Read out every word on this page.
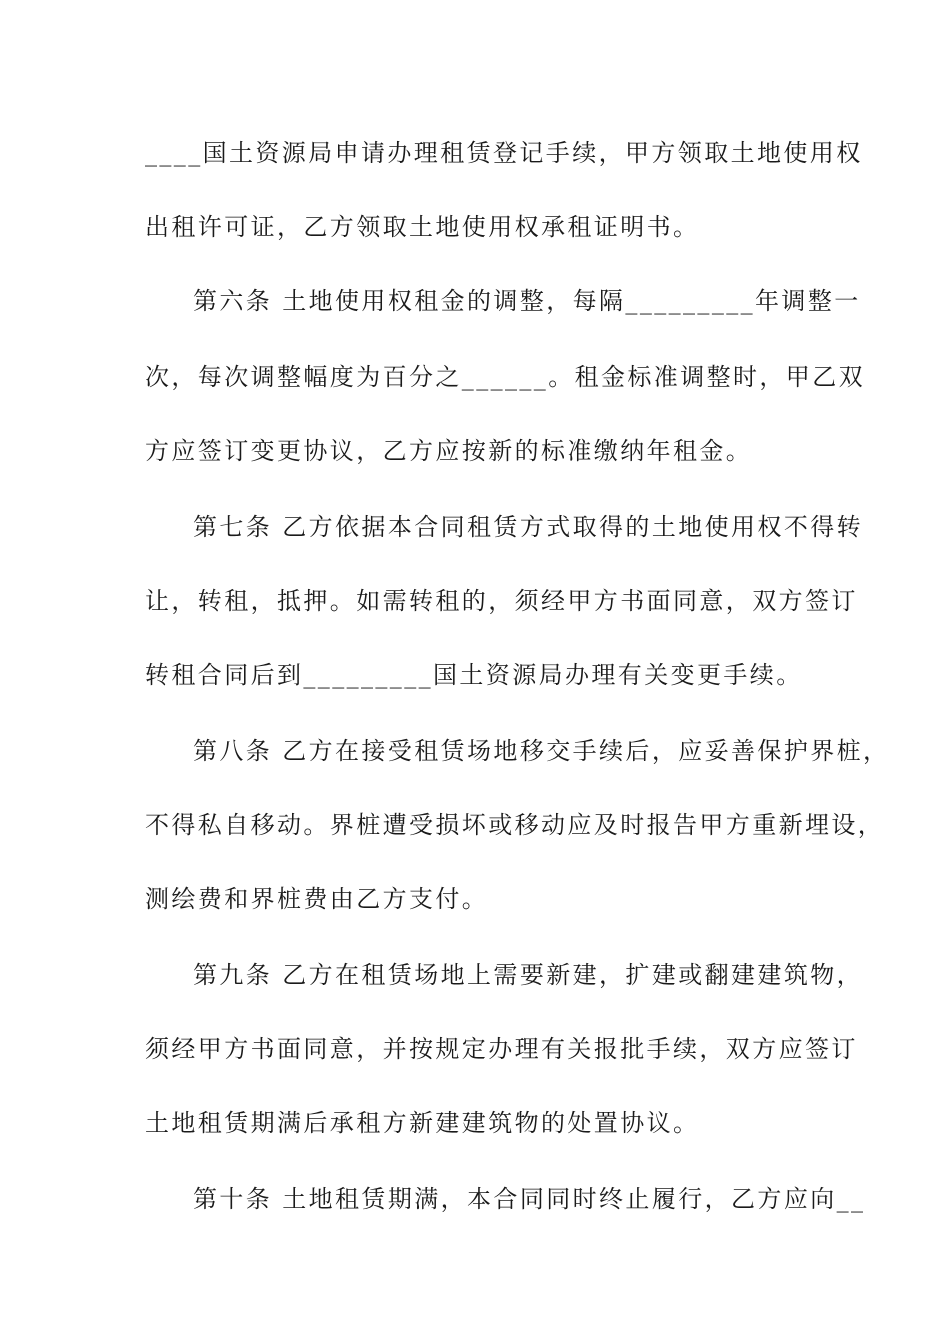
____国土资源局申请办理租赁登记手续，甲方领取土地使用权
出租许可证，乙方领取土地使用权承租证明书。
第六条 土地使用权租金的调整，每隔_________年调整一
次，每次调整幅度为百分之______。租金标准调整时，甲乙双
方应签订变更协议，乙方应按新的标准缴纳年租金。
第七条 乙方依据本合同租赁方式取得的土地使用权不得转
让，转租，抵押。如需转租的，须经甲方书面同意，双方签订
转租合同后到_________国土资源局办理有关变更手续。
第八条 乙方在接受租赁场地移交手续后，应妥善保护界桩，
不得私自移动。界桩遭受损坏或移动应及时报告甲方重新埋设，
测绘费和界桩费由乙方支付。
第九条 乙方在租赁场地上需要新建，扩建或翻建建筑物，
须经甲方书面同意，并按规定办理有关报批手续，双方应签订
土地租赁期满后承租方新建建筑物的处置协议。
第十条 土地租赁期满，本合同同时终止履行，乙方应向__
